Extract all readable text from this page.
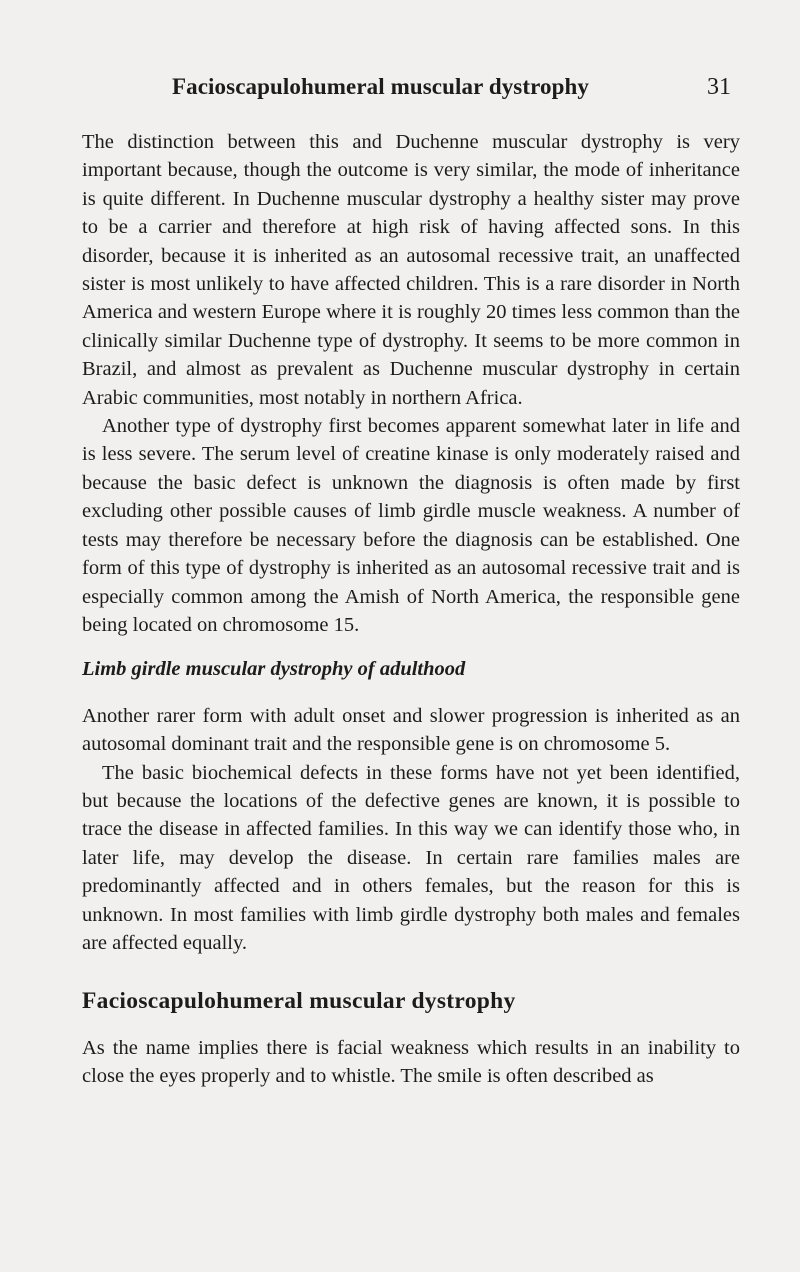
Facioscapulohumeral muscular dystrophy	31

The distinction between this and Duchenne muscular dystrophy is very important because, though the outcome is very similar, the mode of inheritance is quite different. In Duchenne muscular dystrophy a healthy sister may prove to be a carrier and therefore at high risk of having affected sons. In this disorder, because it is inherited as an autosomal recessive trait, an unaffected sister is most unlikely to have affected children. This is a rare disorder in North America and western Europe where it is roughly 20 times less common than the clinically similar Duchenne type of dystrophy. It seems to be more common in Brazil, and almost as prevalent as Duchenne muscular dystrophy in certain Arabic communities, most notably in northern Africa.

Another type of dystrophy first becomes apparent somewhat later in life and is less severe. The serum level of creatine kinase is only moderately raised and because the basic defect is unknown the diagnosis is often made by first excluding other possible causes of limb girdle muscle weakness. A number of tests may therefore be necessary before the diagnosis can be established. One form of this type of dystrophy is inherited as an autosomal recessive trait and is especially common among the Amish of North America, the responsible gene being located on chromosome 15.

Limb girdle muscular dystrophy of adulthood

Another rarer form with adult onset and slower progression is inherited as an autosomal dominant trait and the responsible gene is on chromosome 5.

The basic biochemical defects in these forms have not yet been identified, but because the locations of the defective genes are known, it is possible to trace the disease in affected families. In this way we can identify those who, in later life, may develop the disease. In certain rare families males are predominantly affected and in others females, but the reason for this is unknown. In most families with limb girdle dystrophy both males and females are affected equally.

Facioscapulohumeral muscular dystrophy

As the name implies there is facial weakness which results in an inability to close the eyes properly and to whistle. The smile is often described as
